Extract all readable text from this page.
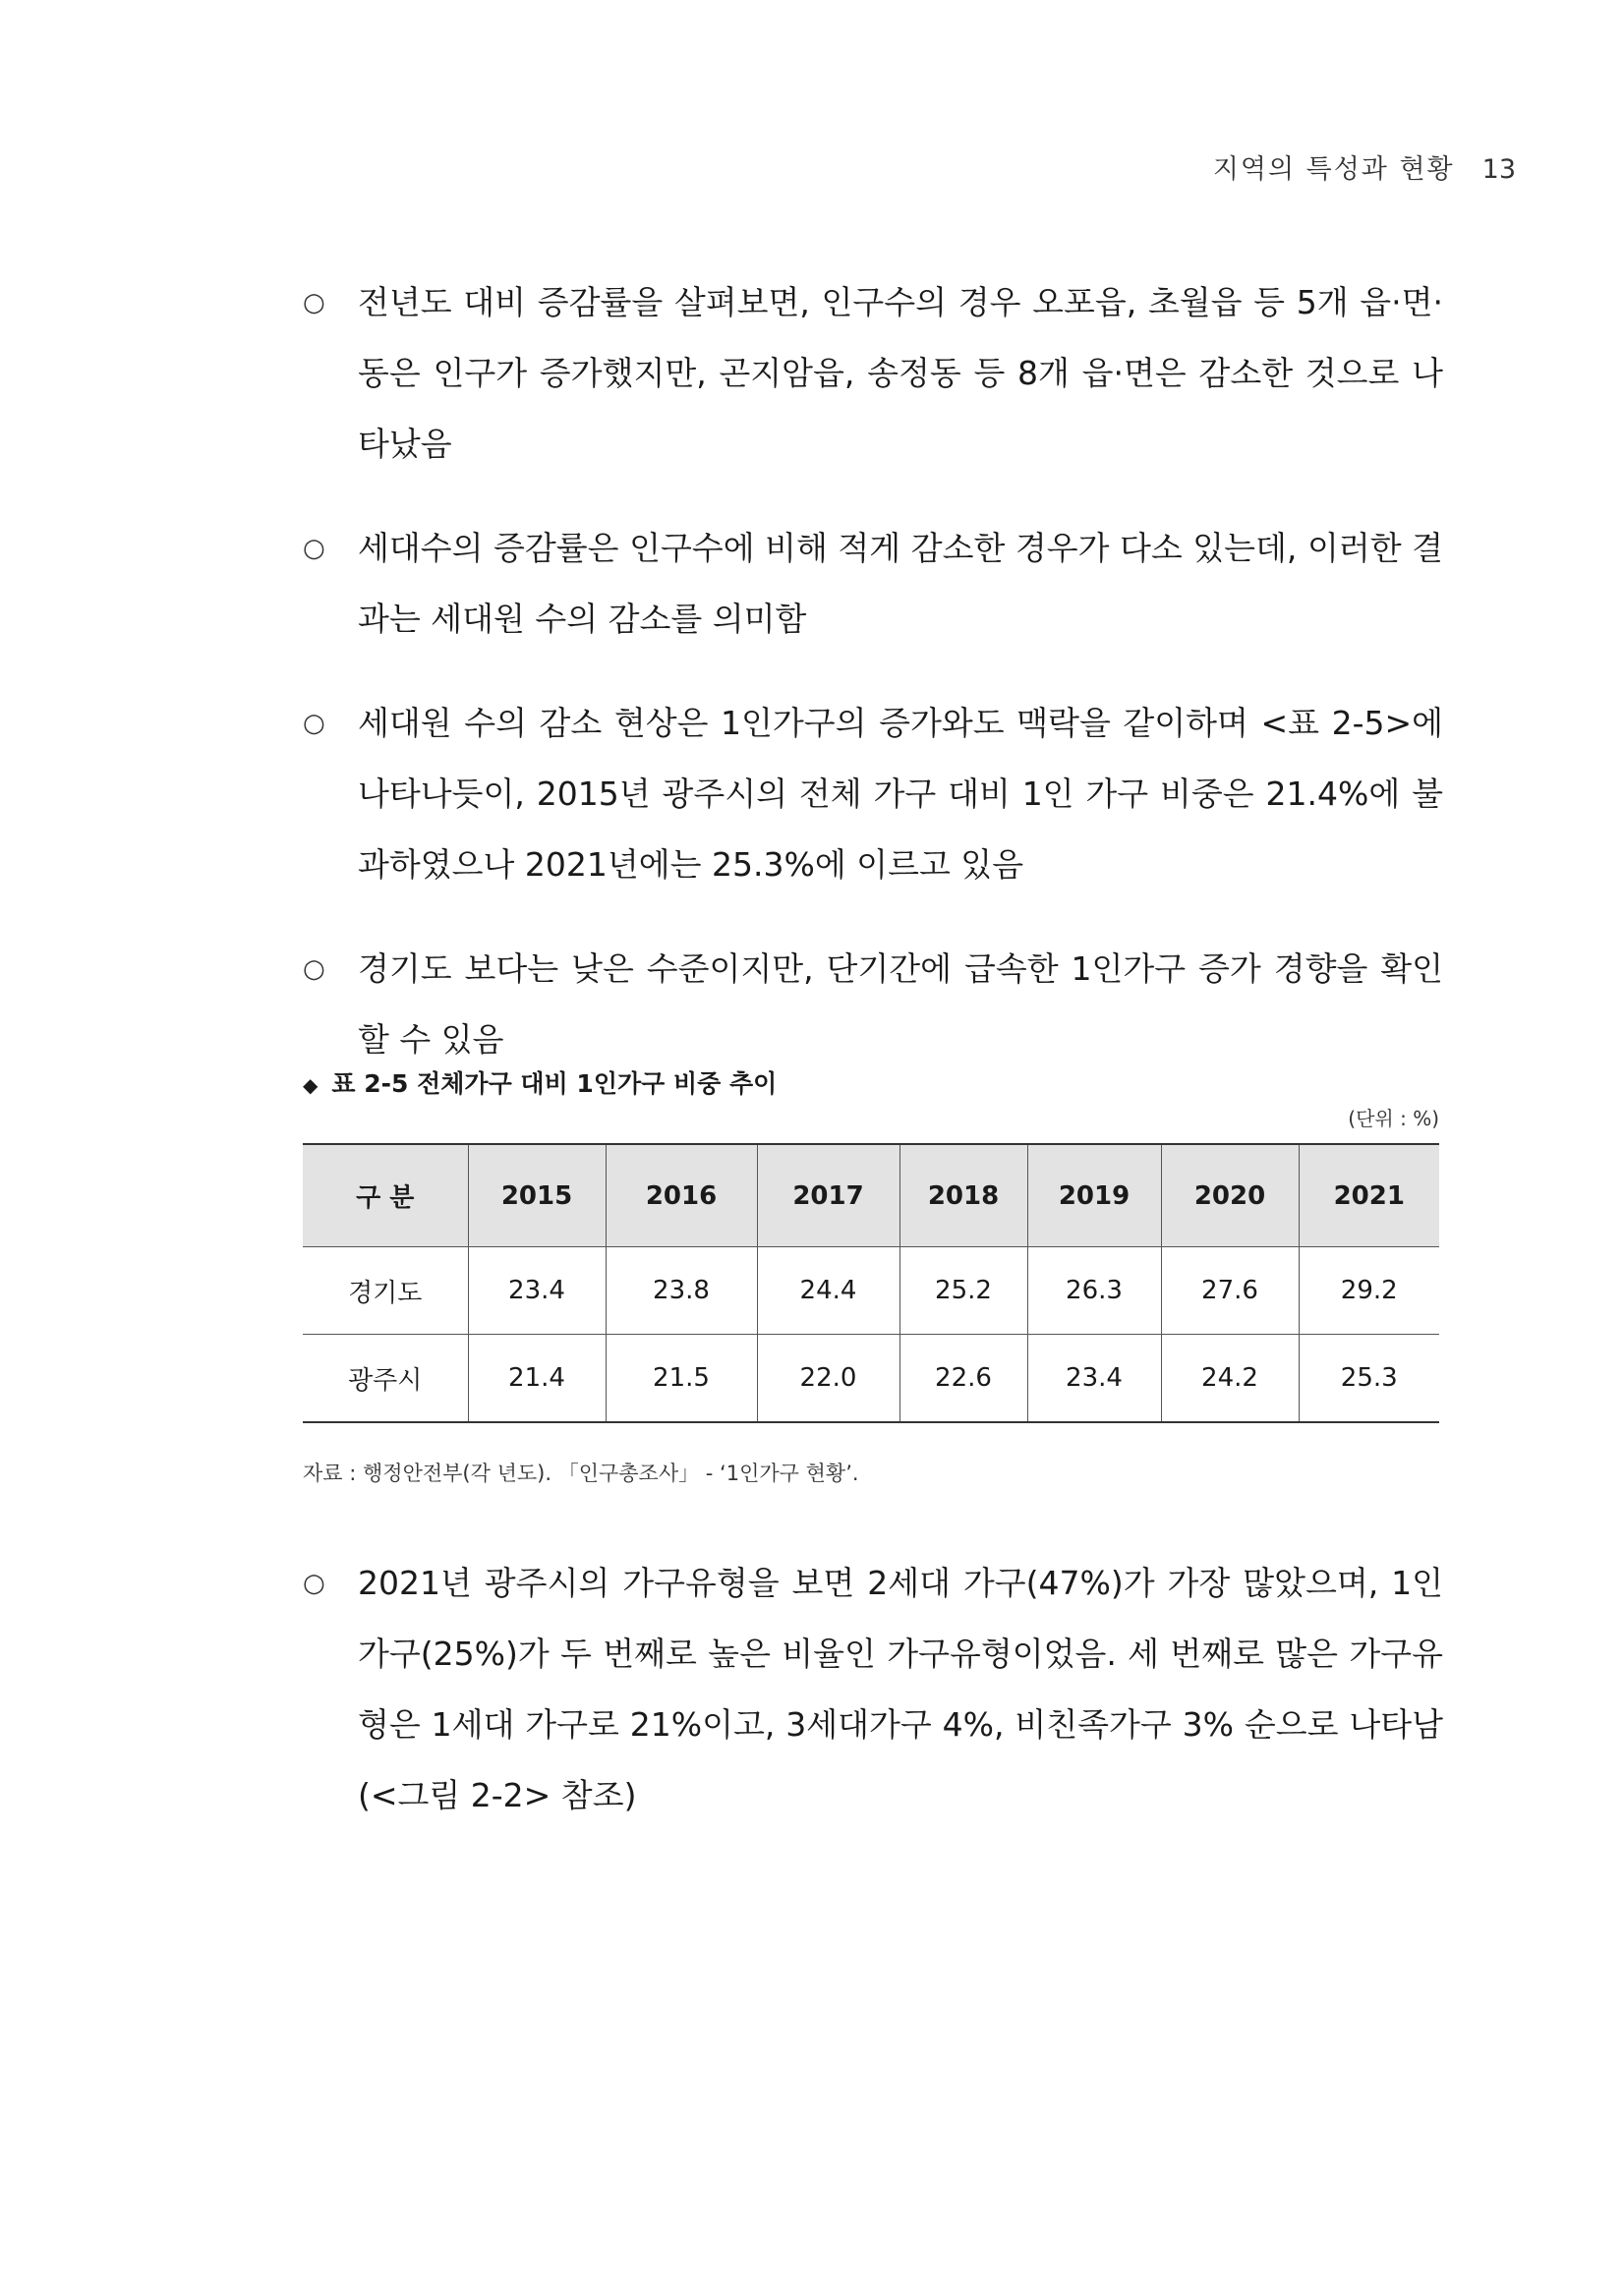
지역의 특성과 현황 13
○ 전년도 대비 증감률을 살펴보면, 인구수의 경우 오포읍, 초월읍 등 5개 읍·면·동은 인구가 증가했지만, 곤지암읍, 송정동 등 8개 읍·면은 감소한 것으로 나타났음
○ 세대수의 증감률은 인구수에 비해 적게 감소한 경우가 다소 있는데, 이러한 결과는 세대원 수의 감소를 의미함
○ 세대원 수의 감소 현상은 1인가구의 증가와도 맥락을 같이하며 <표 2-5>에 나타나듯이, 2015년 광주시의 전체 가구 대비 1인 가구 비중은 21.4%에 불과하였으나 2021년에는 25.3%에 이르고 있음
○ 경기도 보다는 낮은 수준이지만, 단기간에 급속한 1인가구 증가 경향을 확인할 수 있음
◆ 표 2-5 전체가구 대비 1인가구 비중 추이
(단위 : %)
구 분	2015	2016	2017	2018	2019	2020	2021
경기도	23.4	23.8	24.4	25.2	26.3	27.6	29.2
광주시	21.4	21.5	22.0	22.6	23.4	24.2	25.3
자료 : 행정안전부(각 년도). 「인구총조사」 - ‘1인가구 현황’.
○ 2021년 광주시의 가구유형을 보면 2세대 가구(47%)가 가장 많았으며, 1인 가구(25%)가 두 번째로 높은 비율인 가구유형이었음. 세 번째로 많은 가구유형은 1세대 가구로 21%이고, 3세대가구 4%, 비친족가구 3% 순으로 나타남(<그림 2-2> 참조)
